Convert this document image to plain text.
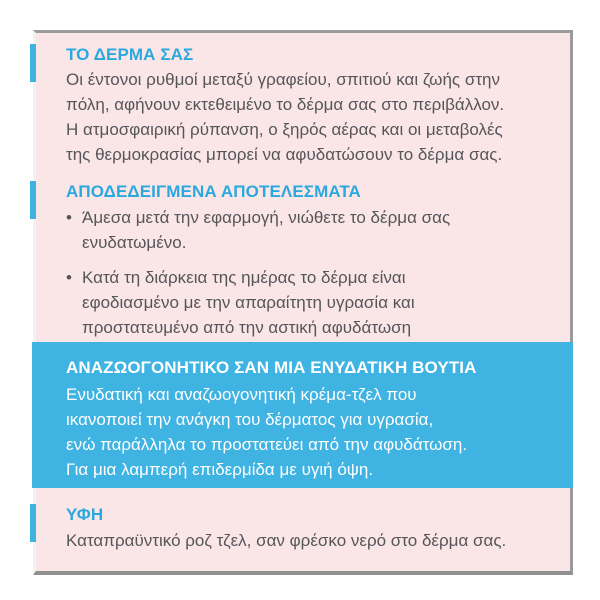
ΤΟ ΔΕΡΜΑ ΣΑΣ
Οι έντονοι ρυθμοί μεταξύ γραφείου, σπιτιού και ζωής στην
πόλη, αφήνουν εκτεθειμένο το δέρμα σας στο περιβάλλον.
Η ατμοσφαιρική ρύπανση, ο ξηρός αέρας και οι μεταβολές
της θερμοκρασίας μπορεί να αφυδατώσουν το δέρμα σας.
ΑΠΟΔΕΔΕΙΓΜΕΝΑ ΑΠΟΤΕΛΕΣΜΑΤΑ
• Άμεσα μετά την εφαρμογή, νιώθετε το δέρμα σας
ενυδατωμένο.
• Κατά τη διάρκεια της ημέρας το δέρμα είναι
εφοδιασμένο με την απαραίτητη υγρασία και
προστατευμένο από την αστική αφυδάτωση
ΑΝΑΖΩΟΓΟΝΗΤΙΚΟ ΣΑΝ ΜΙΑ ΕΝΥΔΑΤΙΚΗ ΒΟΥΤΙΑ
Ενυδατική και αναζωογονητική κρέμα-τζελ που
ικανοποιεί την ανάγκη του δέρματος για υγρασία,
ενώ παράλληλα το προστατεύει από την αφυδάτωση.
Για μια λαμπερή επιδερμίδα με υγιή όψη.
ΥΦΗ
Καταπραϋντικό ροζ τζελ, σαν φρέσκο νερό στο δέρμα σας.
